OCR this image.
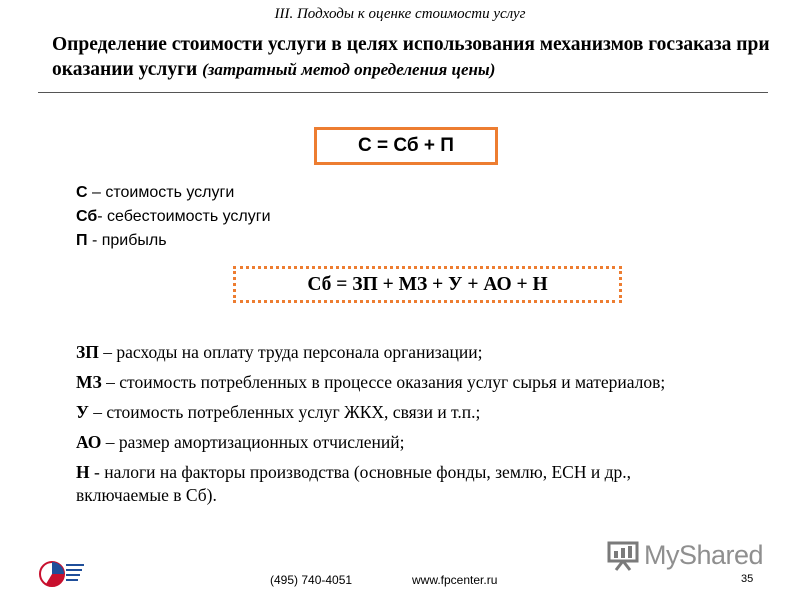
III. Подходы к оценке стоимости услуг
Определение стоимости услуги в целях использования механизмов госзаказа при оказании услуги (затратный метод определения цены)
С = Сб + П
С – стоимость услуги
Сб- себестоимость услуги
П - прибыль
Сб = ЗП + МЗ + У + АО + Н
ЗП – расходы на оплату труда персонала организации;
МЗ – стоимость потребленных в процессе оказания услуг сырья и материалов;
У – стоимость потребленных услуг ЖКХ, связи и т.п.;
АО – размер амортизационных отчислений;
Н - налоги на факторы производства (основные фонды, землю, ЕСН и др., включаемые в Сб).
(495) 740-4051	www.fpcenter.ru	35
MyShared
